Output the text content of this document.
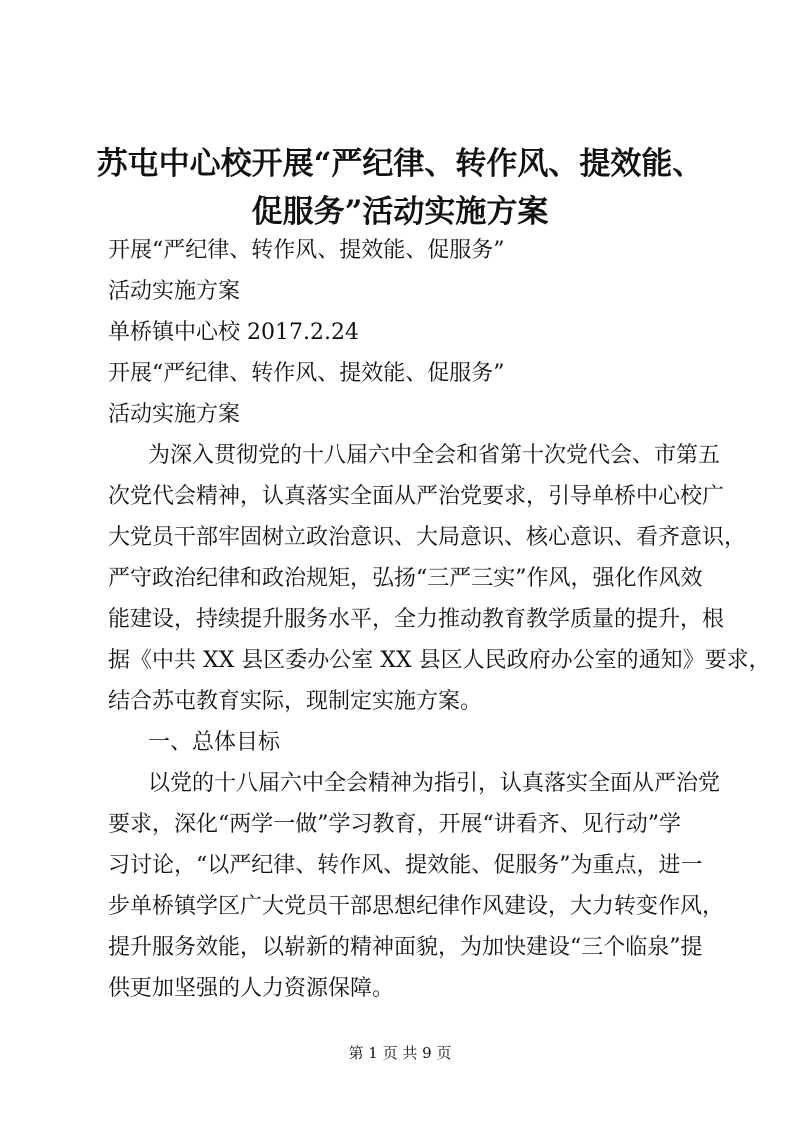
苏屯中心校开展“严纪律、转作风、提效能、
促服务”活动实施方案

开展“严纪律、转作风、提效能、促服务”

活动实施方案

单桥镇中心校 2017.2.24

开展“严纪律、转作风、提效能、促服务”

活动实施方案

为深入贯彻党的十八届六中全会和省第十次党代会、市第五

次党代会精神，认真落实全面从严治党要求，引导单桥中心校广

大党员干部牢固树立政治意识、大局意识、核心意识、看齐意识，

严守政治纪律和政治规矩，弘扬“三严三实”作风，强化作风效

能建设，持续提升服务水平，全力推动教育教学质量的提升，根

据《中共 XX 县区委办公室 XX 县区人民政府办公室的通知》要求，

结合苏屯教育实际，现制定实施方案。

一、总体目标

以党的十八届六中全会精神为指引，认真落实全面从严治党

要求，深化“两学一做”学习教育，开展“讲看齐、见行动”学

习讨论，“以严纪律、转作风、提效能、促服务”为重点，进一

步单桥镇学区广大党员干部思想纪律作风建设，大力转变作风，

提升服务效能，以崭新的精神面貌，为加快建设“三个临泉”提

供更加坚强的人力资源保障。

第 1 页 共 9 页
